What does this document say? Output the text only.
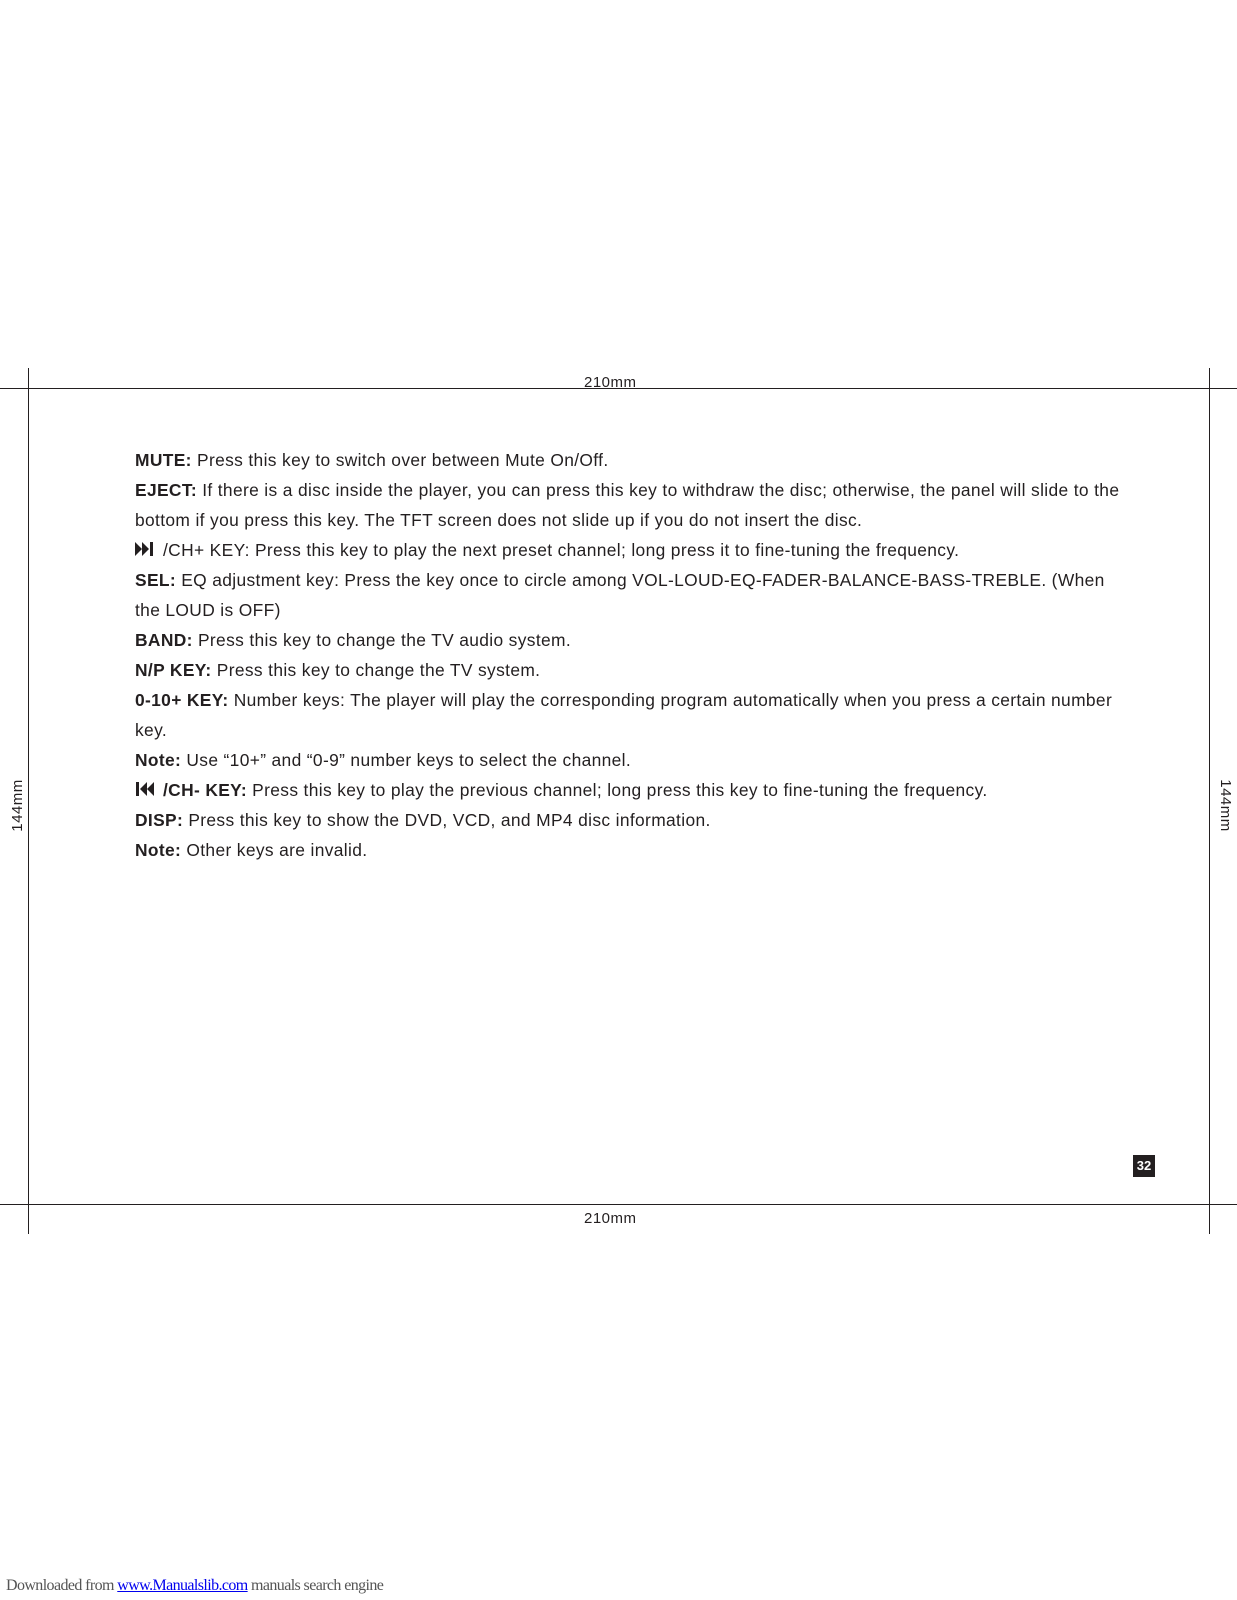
210mm
210mm
144mm	144mm

MUTE: Press this key to switch over between Mute On/Off.

EJECT: If there is a disc inside the player, you can press this key to withdraw the disc; otherwise, the panel will slide to the bottom if you press this key. The TFT screen does not slide up if you do not insert the disc.

/CH+ KEY: Press this key to play the next preset channel; long press it to fine-tuning the frequency.

SEL: EQ adjustment key: Press the key once to circle among VOL-LOUD-EQ-FADER-BALANCE-BASS-TREBLE. (When the LOUD is OFF)

BAND: Press this key to change the TV audio system.

N/P KEY: Press this key to change the TV system.

0-10+ KEY: Number keys: The player will play the corresponding program automatically when you press a certain number key.

Note: Use “10+” and “0-9” number keys to select the channel.

/CH- KEY: Press this key to play the previous channel; long press this key to fine-tuning the frequency.

DISP: Press this key to show the DVD, VCD, and MP4 disc information.

Note: Other keys are invalid.

32
Downloaded from www.Manualslib.com manuals search engine
